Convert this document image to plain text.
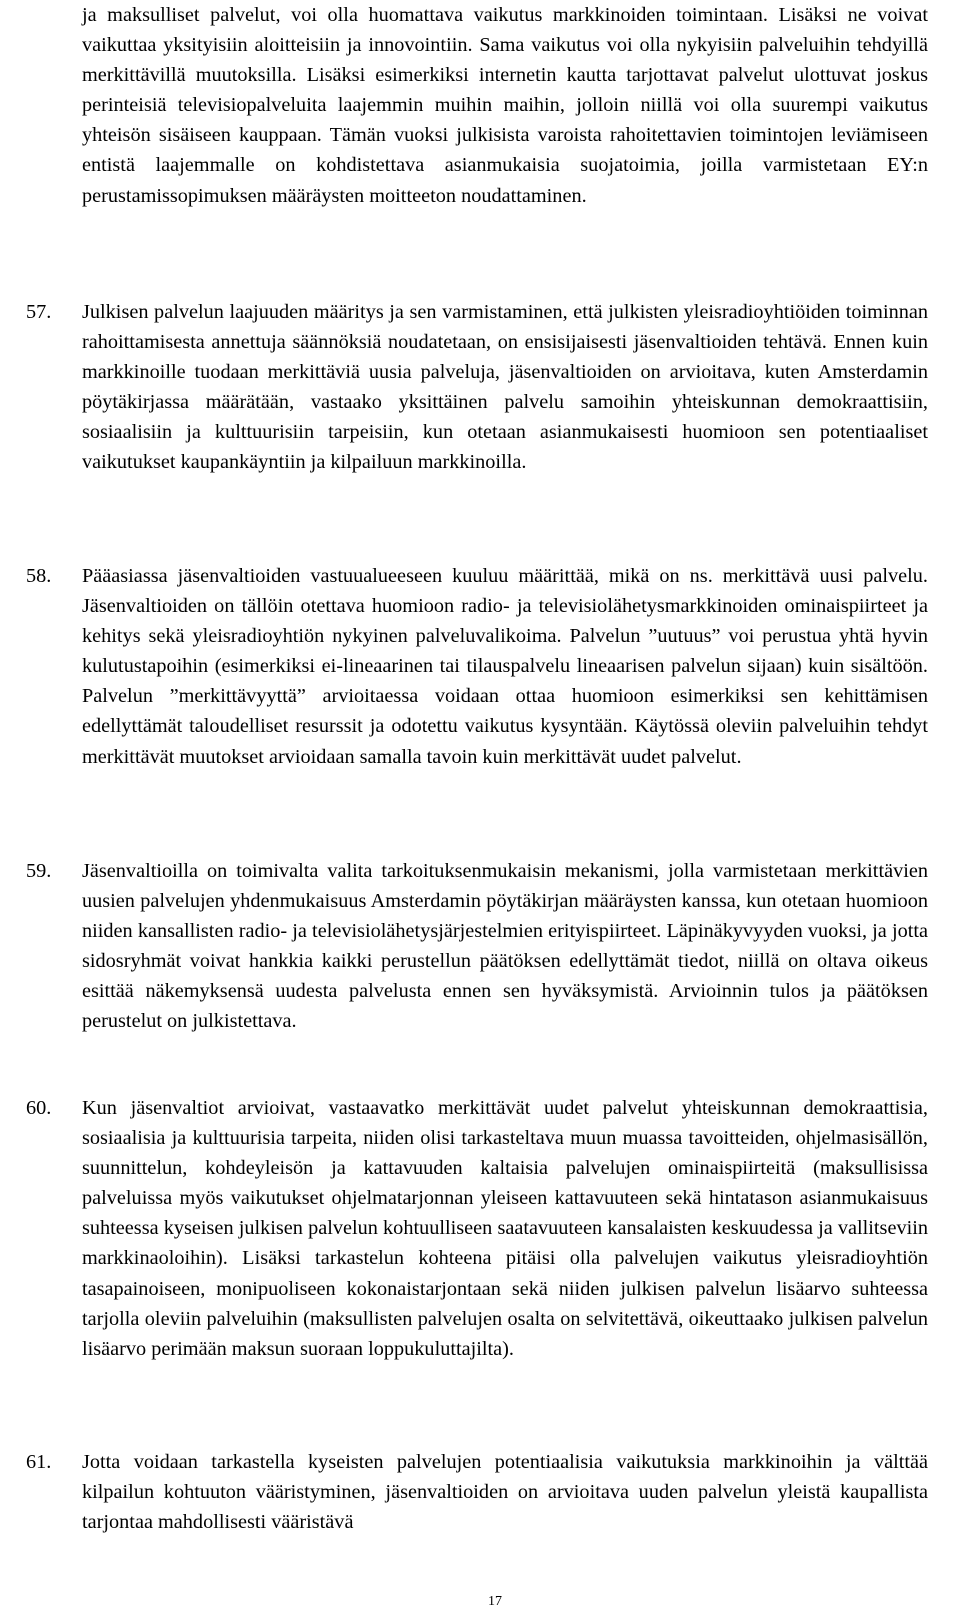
ja maksulliset palvelut, voi olla huomattava vaikutus markkinoiden toimintaan. Lisäksi ne voivat vaikuttaa yksityisiin aloitteisiin ja innovointiin. Sama vaikutus voi olla nykyisiin palveluihin tehdyillä merkittävillä muutoksilla. Lisäksi esimerkiksi internetin kautta tarjottavat palvelut ulottuvat joskus perinteisiä televisiopalveluita laajemmin muihin maihin, jolloin niillä voi olla suurempi vaikutus yhteisön sisäiseen kauppaan. Tämän vuoksi julkisista varoista rahoitettavien toimintojen leviämiseen entistä laajemmalle on kohdistettava asianmukaisia suojatoimia, joilla varmistetaan EY:n perustamissopimuksen määräysten moitteeton noudattaminen.

57. Julkisen palvelun laajuuden määritys ja sen varmistaminen, että julkisten yleisradioyhtiöiden toiminnan rahoittamisesta annettuja säännöksiä noudatetaan, on ensisijaisesti jäsenvaltioiden tehtävä. Ennen kuin markkinoille tuodaan merkittäviä uusia palveluja, jäsenvaltioiden on arvioitava, kuten Amsterdamin pöytäkirjassa määrätään, vastaako yksittäinen palvelu samoihin yhteiskunnan demokraattisiin, sosiaalisiin ja kulttuurisiin tarpeisiin, kun otetaan asianmukaisesti huomioon sen potentiaaliset vaikutukset kaupankäyntiin ja kilpailuun markkinoilla.

58. Pääasiassa jäsenvaltioiden vastuualueeseen kuuluu määrittää, mikä on ns. merkittävä uusi palvelu. Jäsenvaltioiden on tällöin otettava huomioon radio- ja televisiolähetysmarkkinoiden ominaispiirteet ja kehitys sekä yleisradioyhtiön nykyinen palveluvalikoima. Palvelun ”uutuus” voi perustua yhtä hyvin kulutustapoihin (esimerkiksi ei-lineaarinen tai tilauspalvelu lineaarisen palvelun sijaan) kuin sisältöön. Palvelun ”merkittävyyttä” arvioitaessa voidaan ottaa huomioon esimerkiksi sen kehittämisen edellyttämät taloudelliset resurssit ja odotettu vaikutus kysyntään. Käytössä oleviin palveluihin tehdyt merkittävät muutokset arvioidaan samalla tavoin kuin merkittävät uudet palvelut.

59. Jäsenvaltioilla on toimivalta valita tarkoituksenmukaisin mekanismi, jolla varmistetaan merkittävien uusien palvelujen yhdenmukaisuus Amsterdamin pöytäkirjan määräysten kanssa, kun otetaan huomioon niiden kansallisten radio- ja televisiolähetysjärjestelmien erityispiirteet. Läpinäkyvyyden vuoksi, ja jotta sidosryhmät voivat hankkia kaikki perustellun päätöksen edellyttämät tiedot, niillä on oltava oikeus esittää näkemyksensä uudesta palvelusta ennen sen hyväksymistä. Arvioinnin tulos ja päätöksen perustelut on julkistettava.

60. Kun jäsenvaltiot arvioivat, vastaavatko merkittävät uudet palvelut yhteiskunnan demokraattisia, sosiaalisia ja kulttuurisia tarpeita, niiden olisi tarkasteltava muun muassa tavoitteiden, ohjelmasisällön, suunnittelun, kohdeyleisön ja kattavuuden kaltaisia palvelujen ominaispiirteitä (maksullisissa palveluissa myös vaikutukset ohjelmatarjonnan yleiseen kattavuuteen sekä hintatason asianmukaisuus suhteessa kyseisen julkisen palvelun kohtuulliseen saatavuuteen kansalaisten keskuudessa ja vallitseviin markkinaoloihin). Lisäksi tarkastelun kohteena pitäisi olla palvelujen vaikutus yleisradioyhtiön tasapainoiseen, monipuoliseen kokonaistarjontaan sekä niiden julkisen palvelun lisäarvo suhteessa tarjolla oleviin palveluihin (maksullisten palvelujen osalta on selvitettävä, oikeuttaako julkisen palvelun lisäarvo perimään maksun suoraan loppukuluttajilta).

61. Jotta voidaan tarkastella kyseisten palvelujen potentiaalisia vaikutuksia markkinoihin ja välttää kilpailun kohtuuton vääristyminen, jäsenvaltioiden on arvioitava uuden palvelun yleistä kaupallista tarjontaa mahdollisesti vääristävä

17
